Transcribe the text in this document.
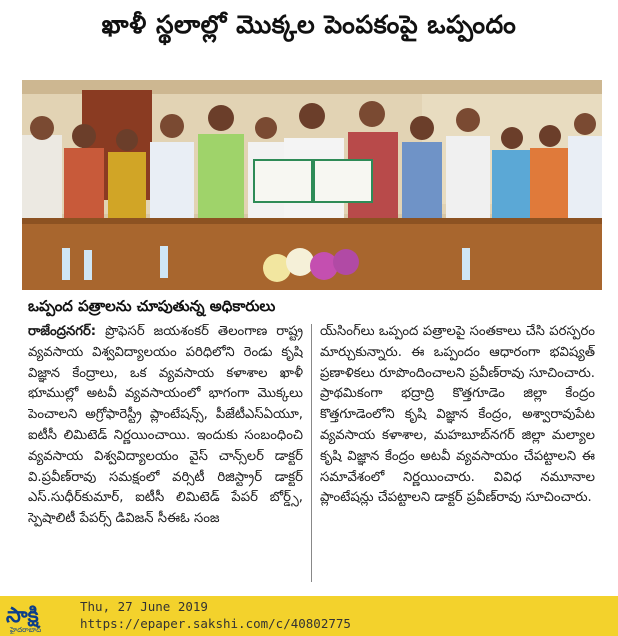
ఖాళీ స్థలాల్లో మొక్కల పెంపకంపై ఒప్పందం
ఒప్పంద పత్రాలను చూపుతున్న అధికారులు
రాజేంద్రనగర్: ప్రొఫెసర్ జయశంకర్ తెలంగాణ రాష్ట్ర వ్యవసాయ విశ్వవిద్యాలయం పరిధిలోని రెండు కృషి విజ్ఞాన కేంద్రాలు, ఒక వ్యవసాయ కళాశాల ఖాళీ భూముల్లో అటవీ వ్యవసాయంలో భాగంగా మొక్కలు పెంచాలని అగ్రోఫారెస్ట్రీ ప్లాంటేషన్స్, పీజేటీఎస్ఏయూ, ఐటీసీ లిమిటెడ్ నిర్ణయించాయి. ఇందుకు సంబంధించి వ్యవసాయ విశ్వవిద్యాలయం వైస్ చాన్స్‌లర్ డాక్టర్ వి.ప్రవీణ్‌రావు సమక్షంలో వర్సిటీ రిజిస్ట్రార్ డాక్టర్ ఎస్.సుధీర్‌కుమార్, ఐటీసీ లిమిటెడ్ పేపర్ బోర్డ్స్, స్పెషాలిటీ పేపర్స్ డివిజన్ సీఈఓ సంజ
య్‌సింగ్‌లు ఒప్పంద పత్రాలపై సంతకాలు చేసి పరస్పరం మార్చుకున్నారు. ఈ ఒప్పందం ఆధారంగా భవిష్యత్ ప్రణాళికలు రూపొందించాలని ప్రవీణ్‌రావు సూచించారు. ప్రాథమికంగా భద్రాద్రి కొత్తగూడెం జిల్లా కేంద్రం కొత్తగూడెంలోని కృషి విజ్ఞాన కేంద్రం, అశ్వారావుపేట వ్యవసాయ కళాశాల, మహబూబ్‌నగర్ జిల్లా మల్యాల కృషి విజ్ఞాన కేంద్రం అటవీ వ్యవసాయం చేపట్టాలని ఈ సమావేశంలో నిర్ణయించారు. వివిధ నమూనాల ప్లాంటేషన్లు చేపట్టాలని డాక్టర్ ప్రవీణ్‌రావు సూచించారు.
సాక్షి
హైదరాబాద్
Thu, 27 June 2019
https://epaper.sakshi.com/c/40802775
